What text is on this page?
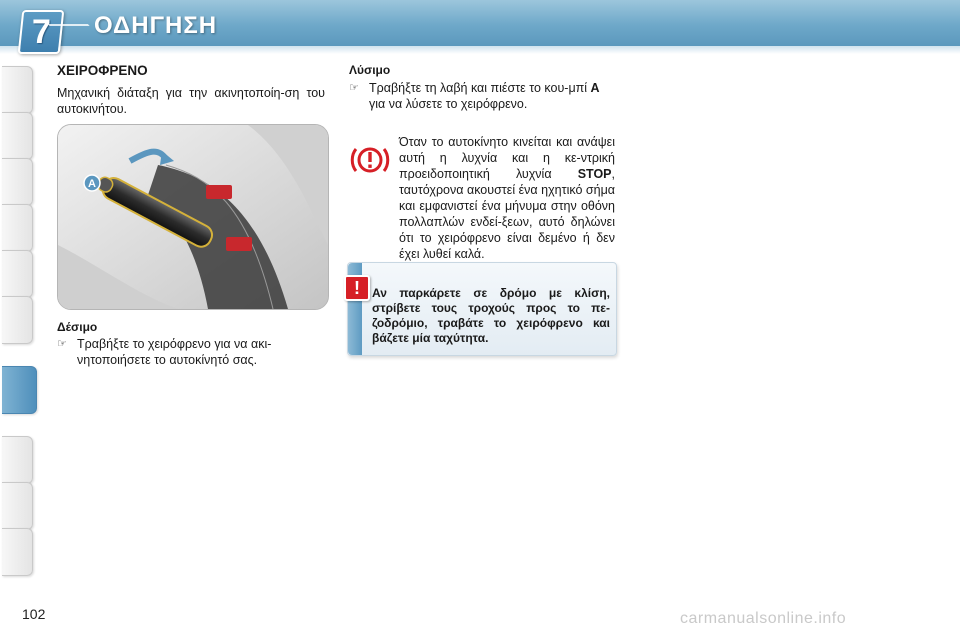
7 ΟΔΗΓΗΣΗ
ΧΕΙΡΟΦΡΕΝΟ
Μηχανική διάταξη για την ακινητοποίη-ση του αυτοκινήτου.
A
Δέσιμο
☞ Τραβήξτε το χειρόφρενο για να ακι-νητοποιήσετε το αυτοκίνητό σας.
Λύσιμο
☞ Τραβήξτε τη λαβή και πιέστε το κου-μπί A για να λύσετε το χειρόφρενο.
Όταν το αυτοκίνητο κινείται και ανάψει αυτή η λυχνία και η κε-ντρική προειδοποιητική λυχνία STOP, ταυτόχρονα ακουστεί ένα ηχητικό σήμα και εμφανιστεί ένα μήνυμα στην οθόνη πολλαπλών ενδεί-ξεων, αυτό δηλώνει ότι το χειρόφρενο είναι δεμένο ή δεν έχει λυθεί καλά.
!	Αν παρκάρετε σε δρόμο με κλίση, στρίβετε τους τροχούς προς το πε-ζοδρόμιο, τραβάτε το χειρόφρενο και βάζετε μία ταχύτητα.
102	carmanualsonline.info
